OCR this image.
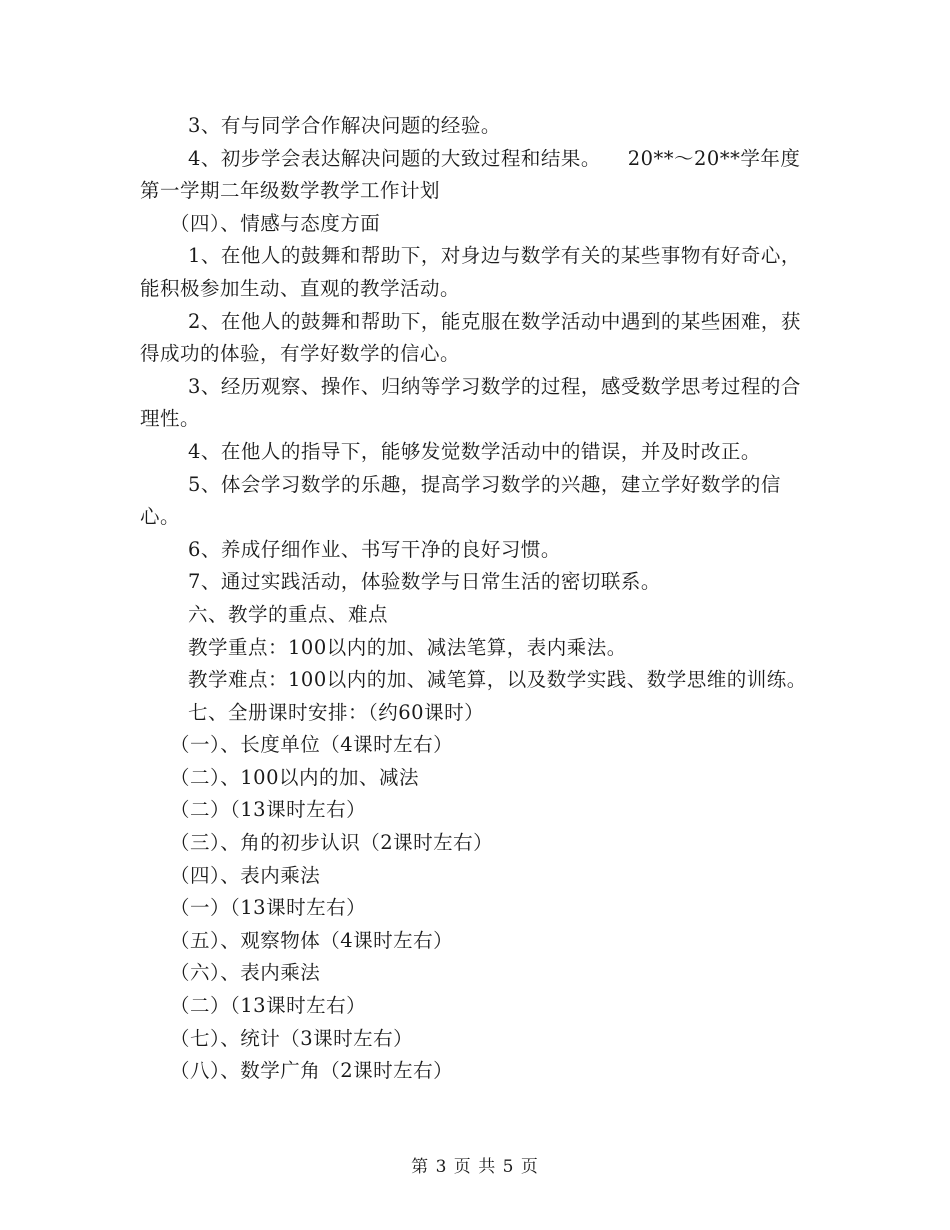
3、有与同学合作解决问题的经验。

4、初步学会表达解决问题的大致过程和结果。    20**～20**学年度第一学期二年级数学教学工作计划

（四）、情感与态度方面

1、在他人的鼓舞和帮助下，对身边与数学有关的某些事物有好奇心，能积极参加生动、直观的教学活动。

2、在他人的鼓舞和帮助下，能克服在数学活动中遇到的某些困难，获得成功的体验，有学好数学的信心。

3、经历观察、操作、归纳等学习数学的过程，感受数学思考过程的合理性。

4、在他人的指导下，能够发觉数学活动中的错误，并及时改正。

5、体会学习数学的乐趣，提高学习数学的兴趣，建立学好数学的信心。

6、养成仔细作业、书写干净的良好习惯。

7、通过实践活动，体验数学与日常生活的密切联系。

六、教学的重点、难点

教学重点：100以内的加、减法笔算，表内乘法。

教学难点：100以内的加、减笔算，以及数学实践、数学思维的训练。

七、全册课时安排：（约60课时）

（一）、长度单位（4课时左右）

（二）、100以内的加、减法

（二）（13课时左右）

（三）、角的初步认识（2课时左右）

（四）、表内乘法

（一）（13课时左右）

（五）、观察物体（4课时左右）

（六）、表内乘法

（二）（13课时左右）

（七）、统计（3课时左右）

（八）、数学广角（2课时左右）

第 3 页 共 5 页
